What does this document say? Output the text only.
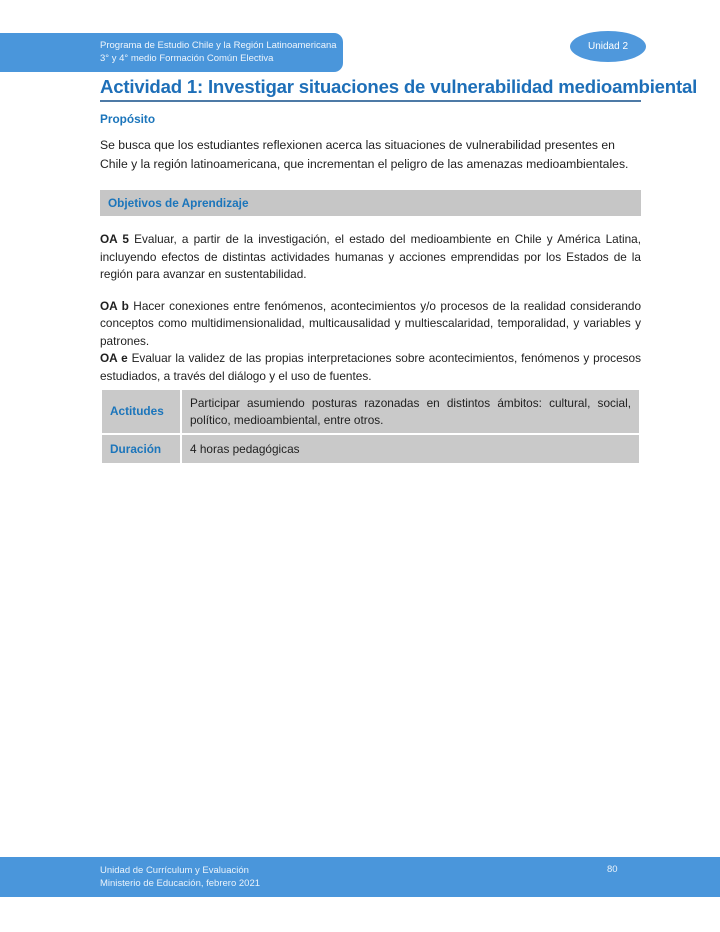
Programa de Estudio Chile y la Región Latinoamericana
3° y 4° medio Formación Común Electiva
Unidad 2
Actividad 1: Investigar situaciones de vulnerabilidad medioambiental
Propósito
Se busca que los estudiantes reflexionen acerca las situaciones de vulnerabilidad presentes en Chile y la región latinoamericana, que incrementan el peligro de las amenazas medioambientales.
Objetivos de Aprendizaje

OA 5 Evaluar, a partir de la investigación, el estado del medioambiente en Chile y América Latina, incluyendo efectos de distintas actividades humanas y acciones emprendidas por los Estados de la región para avanzar en sustentabilidad.

OA b Hacer conexiones entre fenómenos, acontecimientos y/o procesos de la realidad considerando conceptos como multidimensionalidad, multicausalidad y multiescalaridad, temporalidad, y variables y patrones.

OA e Evaluar la validez de las propias interpretaciones sobre acontecimientos, fenómenos y procesos estudiados, a través del diálogo y el uso de fuentes.

Actitudes	Participar asumiendo posturas razonadas en distintos ámbitos: cultural, social, político, medioambiental, entre otros.
Duración	4 horas pedagógicas
Unidad de Currículum y Evaluación
Ministerio de Educación, febrero 2021
80
